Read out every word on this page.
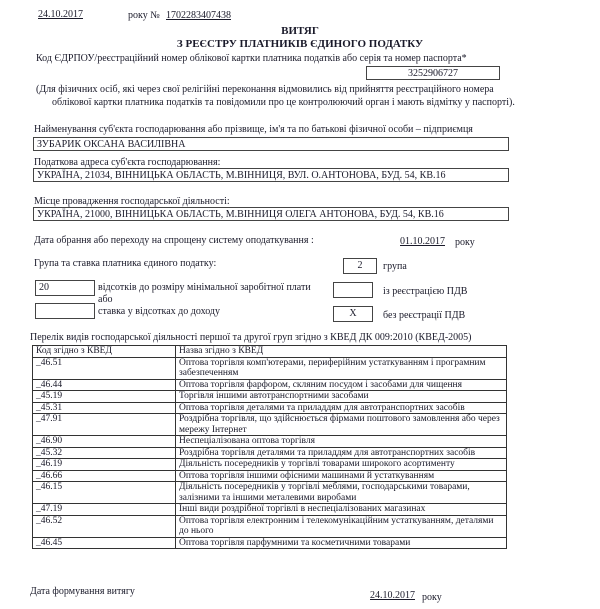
24.10.2017	року № 1702283407438
ВИТЯГ
З РЕЄСТРУ ПЛАТНИКІВ ЄДИНОГО ПОДАТКУ
Код ЄДРПОУ/реєстраційний номер облікової картки платника податків або серія та номер паспорта*
3252906727
(Для фізичних осіб, які через свої релігійні переконання відмовились від прийняття реєстраційного номера
облікової картки платника податків та повідомили про це контролюючий орган і мають відмітку у паспорті).
Найменування суб'єкта господарювання або прізвище, ім'я та по батькові фізичної особи – підприємця
ЗУБАРИК ОКСАНА ВАСИЛІВНА
Податкова адреса суб'єкта господарювання:
УКРАЇНА, 21034, ВІННИЦЬКА ОБЛАСТЬ, М.ВІННИЦЯ, ВУЛ. О.АНТОНОВА, БУД. 54, КВ.16
Місце провадження господарської діяльності:
УКРАЇНА, 21000, ВІННИЦЬКА ОБЛАСТЬ, М.ВІННИЦЯ ОЛЕГА АНТОНОВА, БУД. 54, КВ.16
Дата обрання або переходу на спрощену систему оподаткування :	01.10.2017 року
Група та ставка платника єдиного податку:	2	група
20	відсотків до розміру мінімальної заробітної плати
або
ставка у відсотках до доходу
із реєстрацією ПДВ
X	без реєстрації ПДВ
Перелік видів господарської діяльності першої та другої груп згідно з КВЕД ДК 009:2010 (КВЕД-2005)
Код згідно з КВЕД	Назва згідно з КВЕД
_46.51	Оптова торгівля комп'ютерами, периферійним устаткуванням і програмним забезпеченням
_46.44	Оптова торгівля фарфором, скляним посудом і засобами для чищення
_45.19	Торгівля іншими автотранспортними засобами
_45.31	Оптова торгівля деталями та приладдям для автотранспортних засобів
_47.91	Роздрібна торгівля, що здійснюється фірмами поштового замовлення або через мережу Інтернет
_46.90	Неспеціалізована оптова торгівля
_45.32	Роздрібна торгівля деталями та приладдям для автотранспортних засобів
_46.19	Діяльність посередників у торгівлі товарами широкого асортименту
_46.66	Оптова торгівля іншими офісними машинами й устаткуванням
_46.15	Діяльність посередників у торгівлі меблями, господарськими товарами, залізними та іншими металевими виробами
_47.19	Інші види роздрібної торгівлі в неспеціалізованих магазинах
_46.52	Оптова торгівля електронним і телекомунікаційним устаткуванням, деталями до нього
_46.45	Оптова торгівля парфумними та косметичними товарами
Дата формування витягу	24.10.2017 року
